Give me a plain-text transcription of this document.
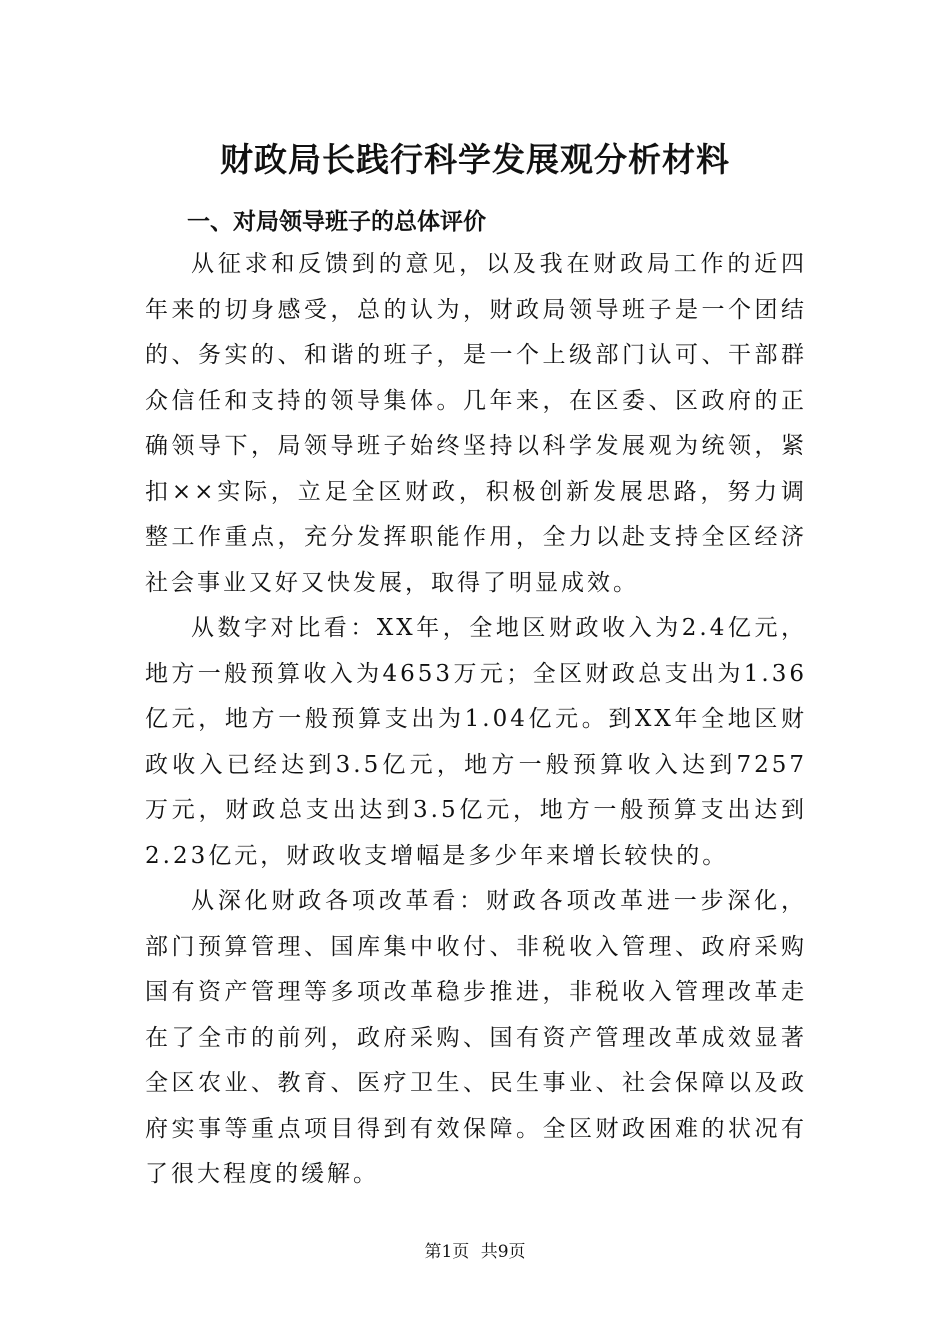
财政局长践行科学发展观分析材料

一、对局领导班子的总体评价

从征求和反馈到的意见，以及我在财政局工作的近四年来的切身感受，总的认为，财政局领导班子是一个团结的、务实的、和谐的班子，是一个上级部门认可、干部群众信任和支持的领导集体。几年来，在区委、区政府的正确领导下，局领导班子始终坚持以科学发展观为统领，紧扣××实际，立足全区财政，积极创新发展思路，努力调整工作重点，充分发挥职能作用，全力以赴支持全区经济社会事业又好又快发展，取得了明显成效。

从数字对比看：XX年，全地区财政收入为2.4亿元，地方一般预算收入为4653万元；全区财政总支出为1.36亿元，地方一般预算支出为1.04亿元。到XX年全地区财政收入已经达到3.5亿元，地方一般预算收入达到7257万元，财政总支出达到3.5亿元，地方一般预算支出达到2.23亿元，财政收支增幅是多少年来增长较快的。

从深化财政各项改革看：财政各项改革进一步深化，部门预算管理、国库集中收付、非税收入管理、政府采购国有资产管理等多项改革稳步推进，非税收入管理改革走在了全市的前列，政府采购、国有资产管理改革成效显著全区农业、教育、医疗卫生、民生事业、社会保障以及政府实事等重点项目得到有效保障。全区财政困难的状况有了很大程度的缓解。

第1页 共9页
